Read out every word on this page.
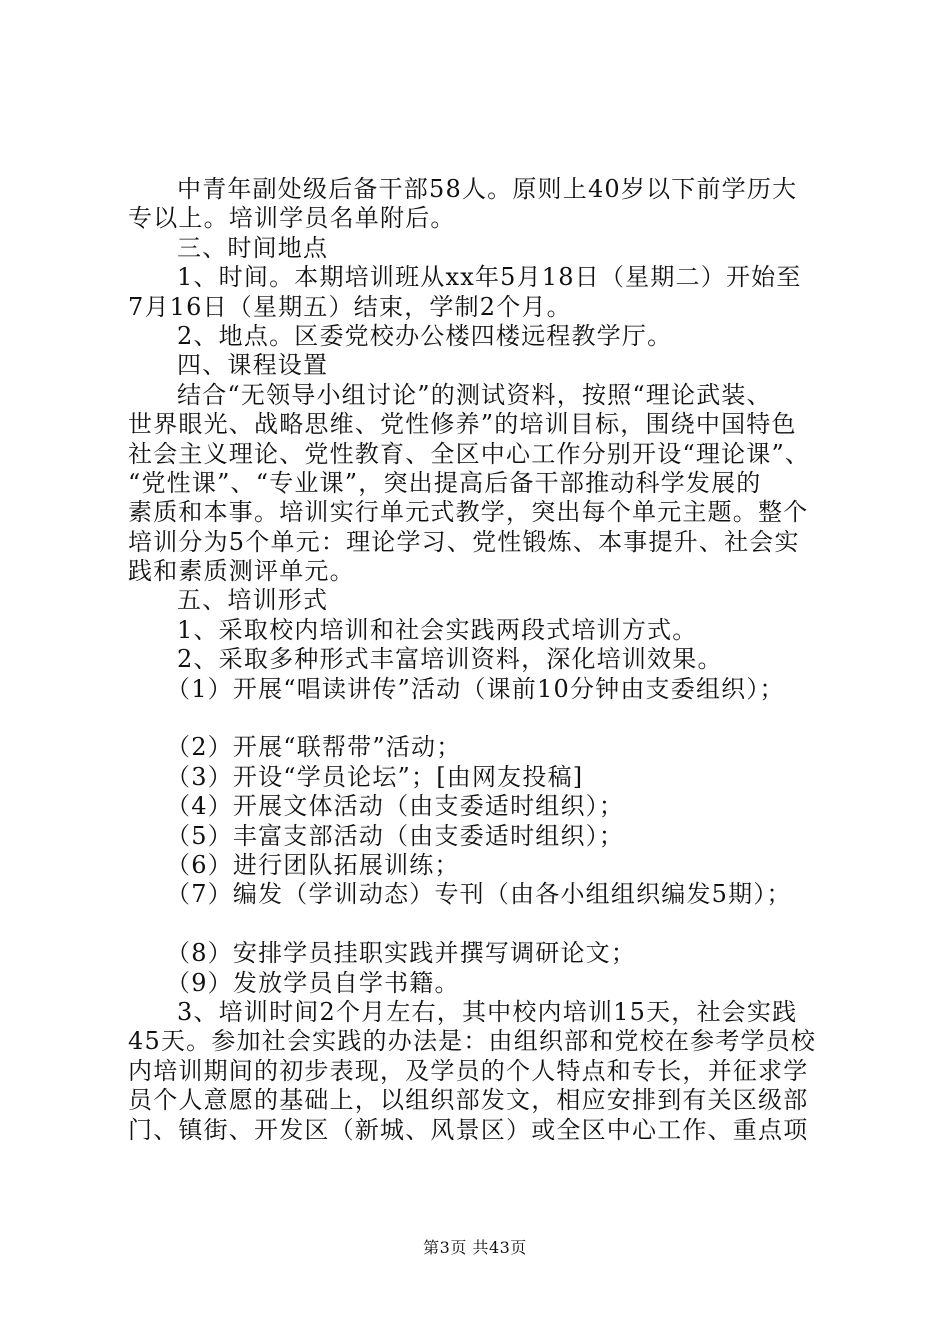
中青年副处级后备干部58人。原则上40岁以下前学历大
专以上。培训学员名单附后。
三、时间地点
1、时间。本期培训班从xx年5月18日（星期二）开始至
7月16日（星期五）结束，学制2个月。
2、地点。区委党校办公楼四楼远程教学厅。
四、课程设置
结合“无领导小组讨论”的测试资料，按照“理论武装、
世界眼光、战略思维、党性修养”的培训目标，围绕中国特色
社会主义理论、党性教育、全区中心工作分别开设“理论课”、
“党性课”、“专业课”，突出提高后备干部推动科学发展的
素质和本事。培训实行单元式教学，突出每个单元主题。整个
培训分为5个单元：理论学习、党性锻炼、本事提升、社会实
践和素质测评单元。
五、培训形式
1、采取校内培训和社会实践两段式培训方式。
2、采取多种形式丰富培训资料，深化培训效果。
（1）开展“唱读讲传”活动（课前10分钟由支委组织）；
（2）开展“联帮带”活动；
（3）开设“学员论坛”；[由网友投稿]
（4）开展文体活动（由支委适时组织）；
（5）丰富支部活动（由支委适时组织）；
（6）进行团队拓展训练；
（7）编发（学训动态）专刊（由各小组组织编发5期）；
（8）安排学员挂职实践并撰写调研论文；
（9）发放学员自学书籍。
3、培训时间2个月左右，其中校内培训15天，社会实践
45天。参加社会实践的办法是：由组织部和党校在参考学员校
内培训期间的初步表现，及学员的个人特点和专长，并征求学
员个人意愿的基础上，以组织部发文，相应安排到有关区级部
门、镇街、开发区（新城、风景区）或全区中心工作、重点项
第3页 共43页
